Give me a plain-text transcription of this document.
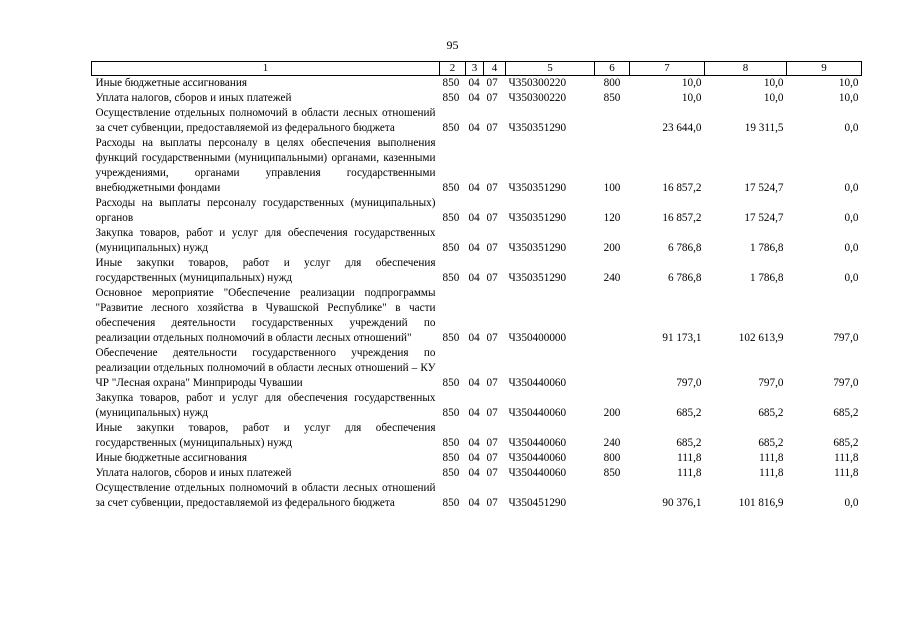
95
1	2	3	4	5	6	7	8	9
Иные бюджетные ассигнования	850	04	07	Ч350300220	800	10,0	10,0	10,0
Уплата налогов, сборов и иных платежей	850	04	07	Ч350300220	850	10,0	10,0	10,0
Осуществление отдельных полномочий в области лесных отношений за счет субвенции, предоставляемой из федерального бюджета	850	04	07	Ч350351290		23 644,0	19 311,5	0,0
Расходы на выплаты персоналу в целях обеспечения выполнения функций государственными (муниципальными) органами, казенными учреждениями, органами управления государственными внебюджетными фондами	850	04	07	Ч350351290	100	16 857,2	17 524,7	0,0
Расходы на выплаты персоналу государственных (муниципальных) органов	850	04	07	Ч350351290	120	16 857,2	17 524,7	0,0
Закупка товаров, работ и услуг для обеспечения государственных (муниципальных) нужд	850	04	07	Ч350351290	200	6 786,8	1 786,8	0,0
Иные закупки товаров, работ и услуг для обеспечения государственных (муниципальных) нужд	850	04	07	Ч350351290	240	6 786,8	1 786,8	0,0
Основное мероприятие "Обеспечение реализации подпрограммы "Развитие лесного хозяйства в Чувашской Республике" в части обеспечения деятельности государственных учреждений по реализации отдельных полномочий в области лесных отношений"	850	04	07	Ч350400000		91 173,1	102 613,9	797,0
Обеспечение деятельности государственного учреждения по реализации отдельных полномочий в области лесных отношений – КУ ЧР "Лесная охрана" Минприроды Чувашии	850	04	07	Ч350440060		797,0	797,0	797,0
Закупка товаров, работ и услуг для обеспечения государственных (муниципальных) нужд	850	04	07	Ч350440060	200	685,2	685,2	685,2
Иные закупки товаров, работ и услуг для обеспечения государственных (муниципальных) нужд	850	04	07	Ч350440060	240	685,2	685,2	685,2
Иные бюджетные ассигнования	850	04	07	Ч350440060	800	111,8	111,8	111,8
Уплата налогов, сборов и иных платежей	850	04	07	Ч350440060	850	111,8	111,8	111,8
Осуществление отдельных полномочий в области лесных отношений за счет субвенции, предоставляемой из федерального бюджета	850	04	07	Ч350451290		90 376,1	101 816,9	0,0
